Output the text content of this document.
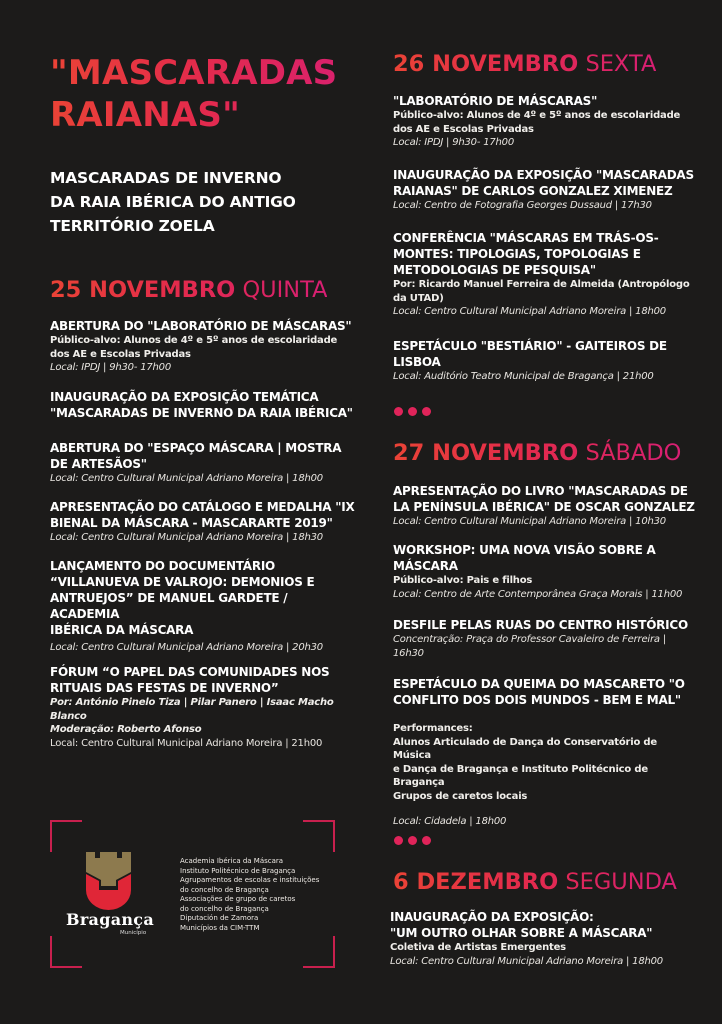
"MASCARADAS
RAIANAS"
MASCARADAS DE INVERNO
DA RAIA IBÉRICA DO ANTIGO
TERRITÓRIO ZOELA
25 NOVEMBRO QUINTA
ABERTURA DO "LABORATÓRIO DE MÁSCARAS"
Público-alvo: Alunos de 4º e 5º anos de escolaridade
dos AE e Escolas Privadas
Local: IPDJ | 9h30- 17h00
INAUGURAÇÃO DA EXPOSIÇÃO TEMÁTICA
"MASCARADAS DE INVERNO DA RAIA IBÉRICA"
ABERTURA DO "ESPAÇO MÁSCARA | MOSTRA
DE ARTESÃOS"
Local: Centro Cultural Municipal Adriano Moreira | 18h00
APRESENTAÇÃO DO CATÁLOGO E MEDALHA "IX
BIENAL DA MÁSCARA - MASCARARTE 2019"
Local: Centro Cultural Municipal Adriano Moreira | 18h30
LANÇAMENTO DO DOCUMENTÁRIO
“VILLANUEVA DE VALROJO: DEMONIOS E
ANTRUEJOS” DE MANUEL GARDETE / ACADEMIA
IBÉRICA DA MÁSCARA
Local: Centro Cultural Municipal Adriano Moreira | 20h30
FÓRUM “O PAPEL DAS COMUNIDADES NOS
RITUAIS DAS FESTAS DE INVERNO”
Por: António Pinelo Tiza | Pilar Panero | Isaac Macho
Blanco
Moderação: Roberto Afonso
Local: Centro Cultural Municipal Adriano Moreira | 21h00
Bragança
Município
Academia Ibérica da Máscara
Instituto Politécnico de Bragança
Agrupamentos de escolas e instituições
do concelho de Bragança
Associações de grupo de caretos
do concelho de Bragança
Diputación de Zamora
Municípios da CIM-TTM
26 NOVEMBRO SEXTA
"LABORATÓRIO DE MÁSCARAS"
Público-alvo: Alunos de 4º e 5º anos de escolaridade
dos AE e Escolas Privadas
Local: IPDJ | 9h30- 17h00
INAUGURAÇÃO DA EXPOSIÇÃO "MASCARADAS
RAIANAS" DE CARLOS GONZALEZ XIMENEZ
Local: Centro de Fotografia Georges Dussaud | 17h30
CONFERÊNCIA "MÁSCARAS EM TRÁS-OS-
MONTES: TIPOLOGIAS, TOPOLOGIAS E
METODOLOGIAS DE PESQUISA"
Por: Ricardo Manuel Ferreira de Almeida (Antropólogo
da UTAD)
Local: Centro Cultural Municipal Adriano Moreira | 18h00
ESPETÁCULO "BESTIÁRIO" - GAITEIROS DE
LISBOA
Local: Auditório Teatro Municipal de Bragança | 21h00
27 NOVEMBRO SÁBADO
APRESENTAÇÃO DO LIVRO "MASCARADAS DE
LA PENÍNSULA IBÉRICA" DE OSCAR GONZALEZ
Local: Centro Cultural Municipal Adriano Moreira | 10h30
WORKSHOP: UMA NOVA VISÃO SOBRE A
MÁSCARA
Público-alvo: Pais e filhos
Local: Centro de Arte Contemporânea Graça Morais | 11h00
DESFILE PELAS RUAS DO CENTRO HISTÓRICO
Concentração: Praça do Professor Cavaleiro de Ferreira |
16h30
ESPETÁCULO DA QUEIMA DO MASCARETO "O
CONFLITO DOS DOIS MUNDOS - BEM E MAL"
Performances:
Alunos Articulado de Dança do Conservatório de Música
e Dança de Bragança e Instituto Politécnico de
Bragança
Grupos de caretos locais
Local: Cidadela | 18h00
6 DEZEMBRO SEGUNDA
INAUGURAÇÃO DA EXPOSIÇÃO:
"UM OUTRO OLHAR SOBRE A MÁSCARA"
Coletiva de Artistas Emergentes
Local: Centro Cultural Municipal Adriano Moreira | 18h00
